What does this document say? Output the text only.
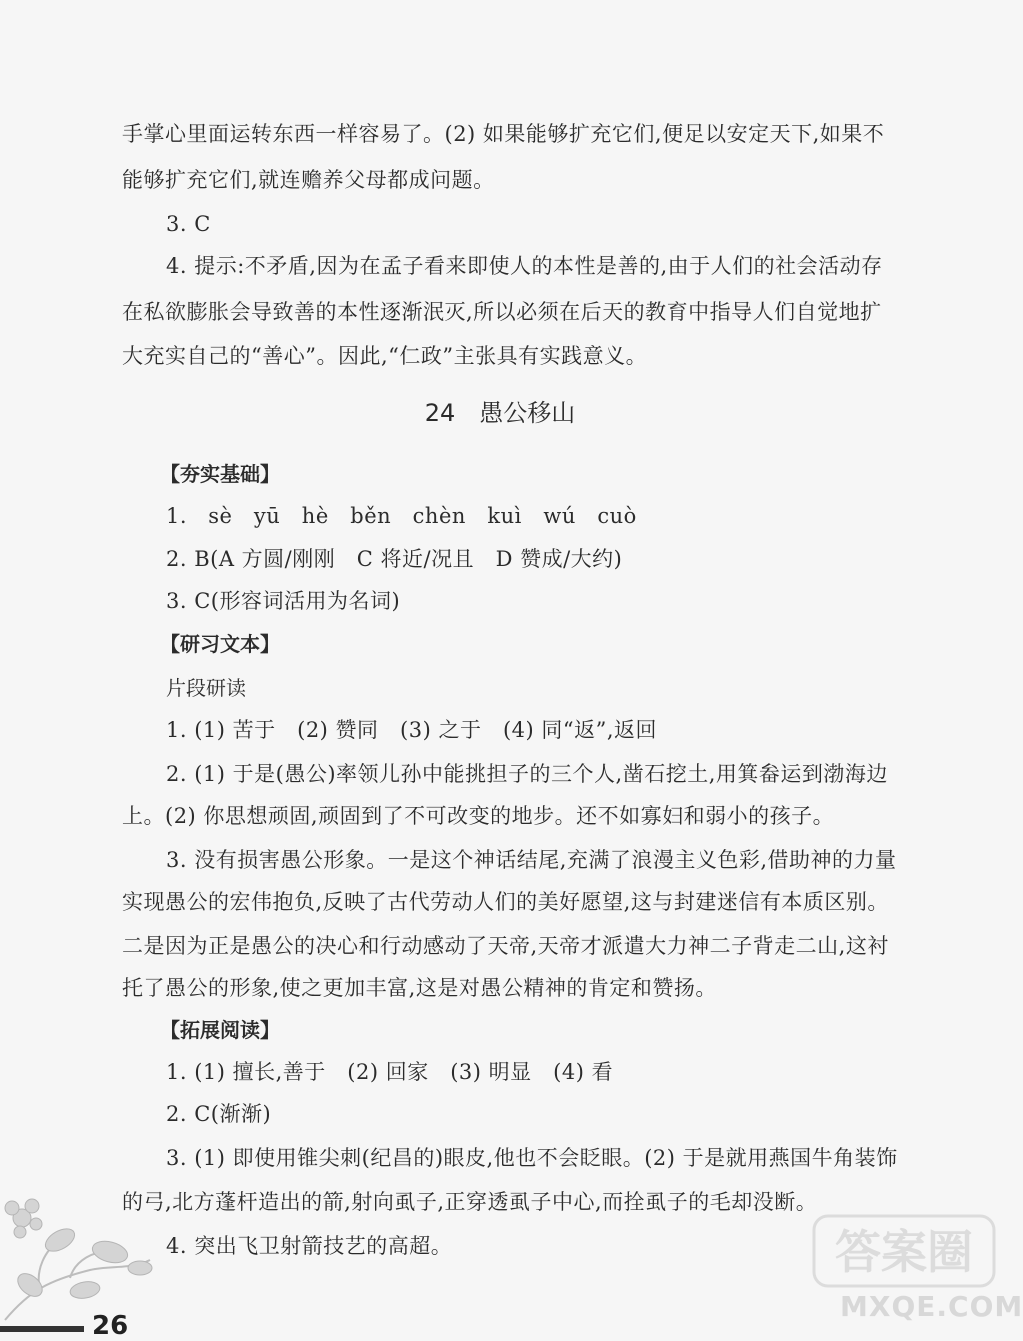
手掌心里面运转东西一样容易了。(2) 如果能够扩充它们,便足以安定天下,如果不
能够扩充它们,就连赡养父母都成问题。
3. C
4. 提示:不矛盾,因为在孟子看来即使人的本性是善的,由于人们的社会活动存
在私欲膨胀会导致善的本性逐渐泯灭,所以必须在后天的教育中指导人们自觉地扩
大充实自己的“善心”。因此,“仁政”主张具有实践意义。
24　愚公移山
【夯实基础】
1. sè　yū　hè　běn　chèn　kuì　wú　cuò
2. B(A 方圆/刚刚　C 将近/况且　D 赞成/大约)
3. C(形容词活用为名词)
【研习文本】
片段研读
1. (1) 苦于　(2) 赞同　(3) 之于　(4) 同“返”,返回
2. (1) 于是(愚公)率领儿孙中能挑担子的三个人,凿石挖土,用箕畚运到渤海边
上。(2) 你思想顽固,顽固到了不可改变的地步。还不如寡妇和弱小的孩子。
3. 没有损害愚公形象。一是这个神话结尾,充满了浪漫主义色彩,借助神的力量
实现愚公的宏伟抱负,反映了古代劳动人们的美好愿望,这与封建迷信有本质区别。
二是因为正是愚公的决心和行动感动了天帝,天帝才派遣大力神二子背走二山,这衬
托了愚公的形象,使之更加丰富,这是对愚公精神的肯定和赞扬。
【拓展阅读】
1. (1) 擅长,善于　(2) 回家　(3) 明显　(4) 看
2. C(渐渐)
3. (1) 即使用锥尖刺(纪昌的)眼皮,他也不会眨眼。(2) 于是就用燕国牛角装饰
的弓,北方蓬杆造出的箭,射向虱子,正穿透虱子中心,而拴虱子的毛却没断。
4. 突出飞卫射箭技艺的高超。
26
答案圈
MXQE.COM
